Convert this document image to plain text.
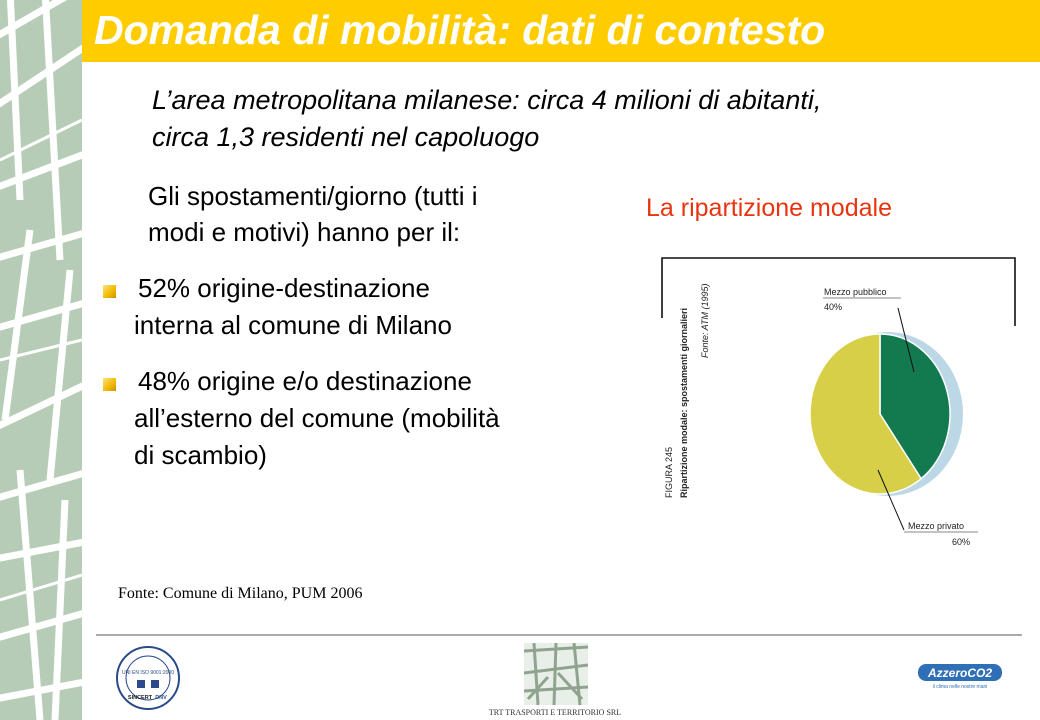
Domanda di mobilità: dati di contesto
L’area metropolitana milanese: circa 4 milioni di abitanti,
circa 1,3 residenti nel capoluogo
Gli spostamenti/giorno (tutti i
modi e motivi) hanno per il:
52% origine-destinazione
interna al comune di Milano
48% origine e/o destinazione
all’esterno del comune (mobilità
di scambio)
La ripartizione modale
FIGURA 245 Ripartizione modale: spostamenti giornalieri Fonte: ATM (1995)	Mezzo pubblico
40%
Mezzo privato
60%
Fonte: Comune di Milano, PUM 2006
UNI EN ISO 9001:2000
SINCERT DNV
TRT TRASPORTI E TERRITORIO SRL
AzzeroCO2
il clima nelle nostre mani
